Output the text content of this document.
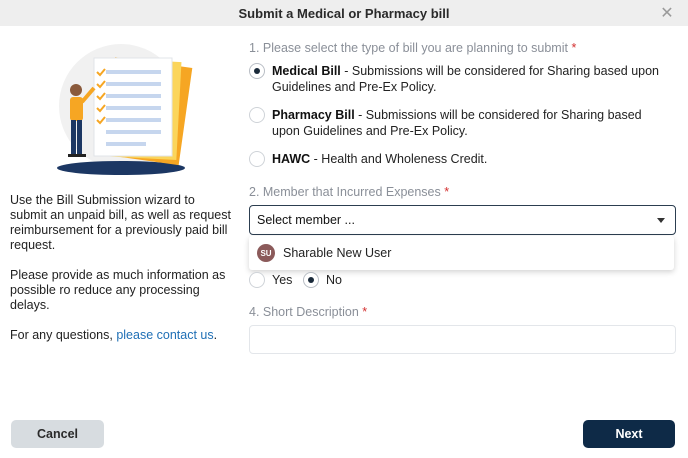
Submit a Medical or Pharmacy bill	✕

Use the Bill Submission wizard to submit an unpaid bill, as well as request reimbursement for a previously paid bill request.

Please provide as much information as possible ro reduce any processing delays.

For any questions, please contact us.

1. Please select the type of bill you are planning to submit *
Medical Bill - Submissions will be considered for Sharing based upon Guidelines and Pre-Ex Policy.
Pharmacy Bill - Submissions will be considered for Sharing based upon Guidelines and Pre-Ex Policy.
HAWC - Health and Wholeness Credit.
2. Member that Incurred Expenses *
Select member ...
SU Sharable New User
Yes	No
4. Short Description *
Cancel	Next
